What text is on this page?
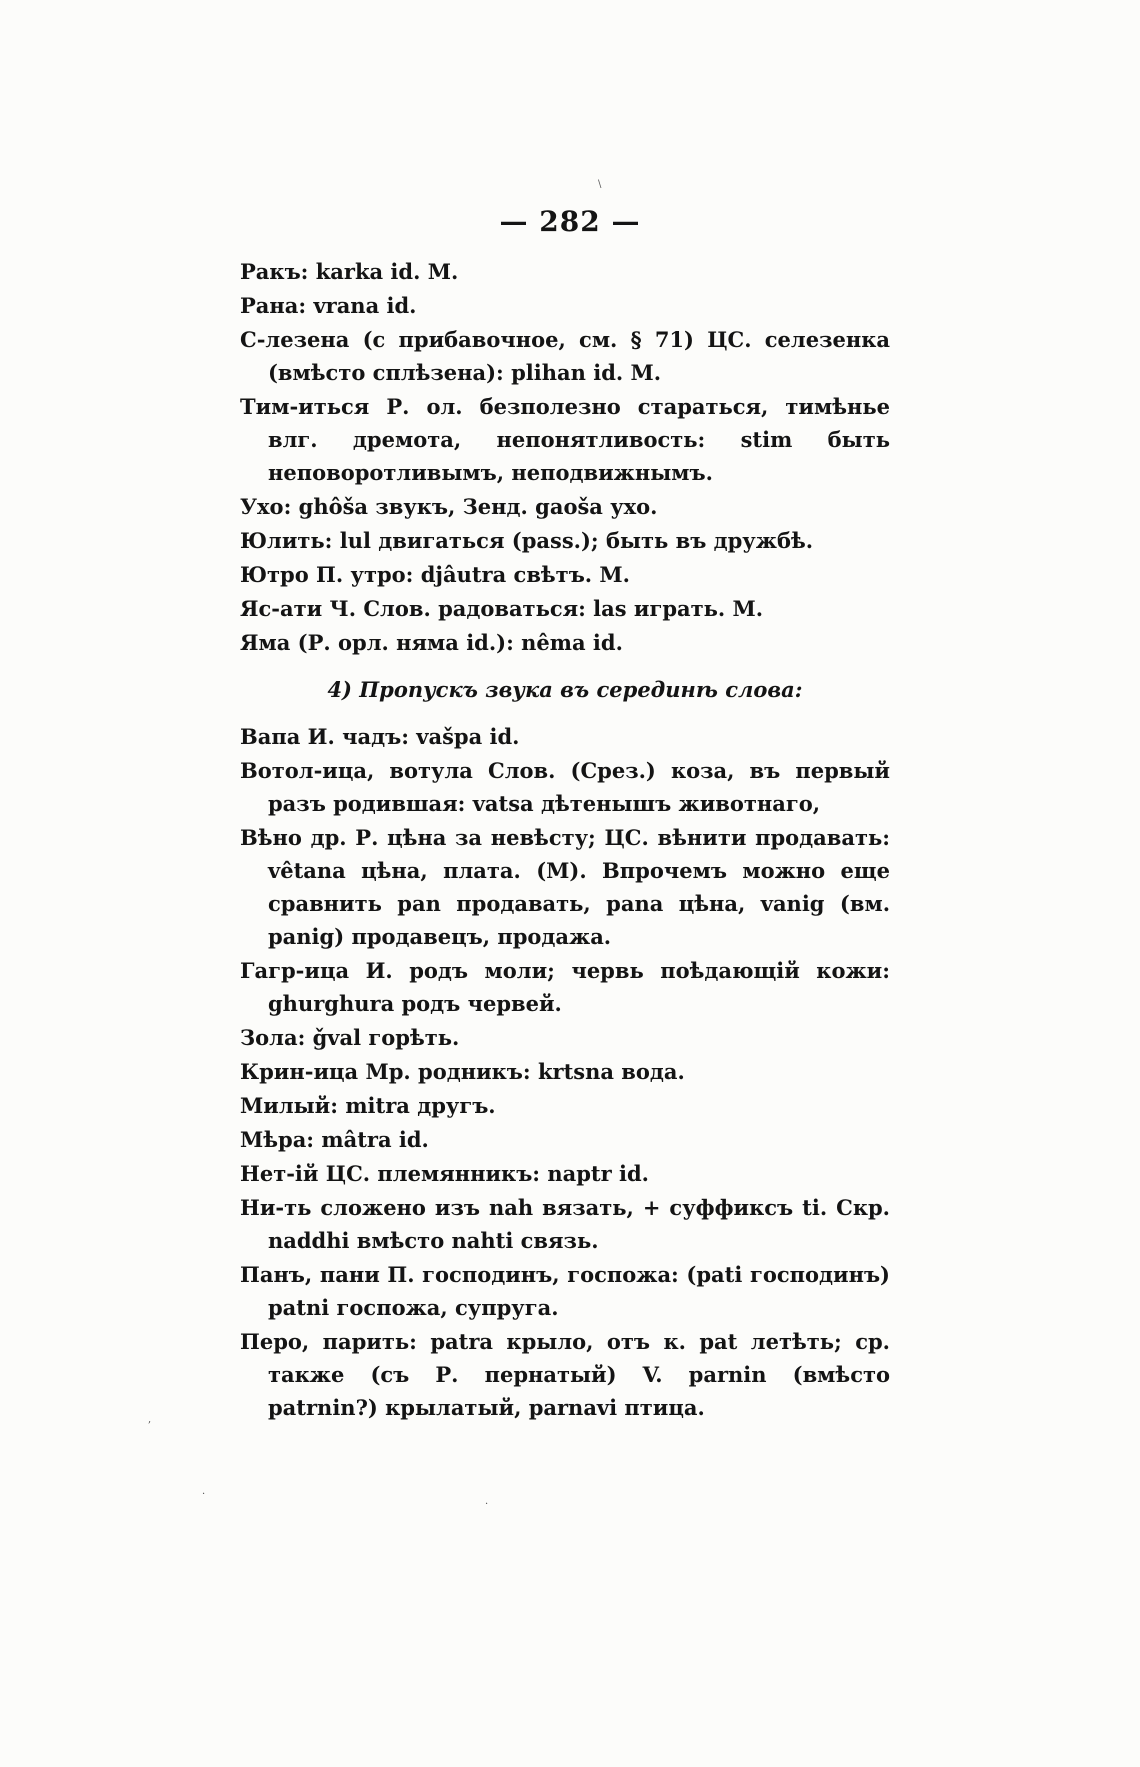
— 282 —

Ракъ: karka id. M.

Рана: vrana id.

С-лезена (с прибавочное, см. § 71) ЦС. селезенка (вмѣсто сплѣзена): plihan id. M.

Тим-иться Р. ол. безполезно стараться, тимѣнье влг. дремота, непонятливость: stim быть неповоротливымъ, неподвижнымъ.

Ухо: ghôša звукъ, Зенд. gaoša ухо.

Юлить: lul двигаться (pass.); быть въ дружбѣ.

Ютро П. утро: djâutra свѣтъ. M.

Яс-ати Ч. Слов. радоваться: las играть. M.

Яма (Р. орл. няма id.): nêma id.

4) Пропускъ звука въ серединѣ слова:

Вапа И. чадъ: vašpa id.

Вотол-ица, вотула Слов. (Срез.) коза, въ первый разъ родившая: vatsa дѣтенышъ животнаго,

Вѣно др. Р. цѣна за невѣсту; ЦС. вѣнити продавать: vêtana цѣна, плата. (M). Впрочемъ можно еще сравнить pan продавать, pana цѣна, vanig (вм. panig) продавецъ, продажа.

Гагр-ица И. родъ моли; червь поѣдающій кожи: ghurghura родъ червей.

Зола: ǧval горѣть.

Крин-ица Мр. родникъ: krtsna вода.

Милый: mitra другъ.

Мѣра: mâtra id.

Нет-ій ЦС. племянникъ: naptr id.

Ни-ть сложено изъ nah вязать, + суффиксъ ti. Скр. naddhi вмѣсто nahti связь.

Панъ, пани П. господинъ, госпожа: (pati господинъ) patni госпожа, супруга.

Перо, парить: patra крыло, отъ к. pat летѣть; ср. также (съ Р. пернатый) V. parnin (вмѣсто patrnin?) крылатый, parnavi птица.

,
·
·
\
